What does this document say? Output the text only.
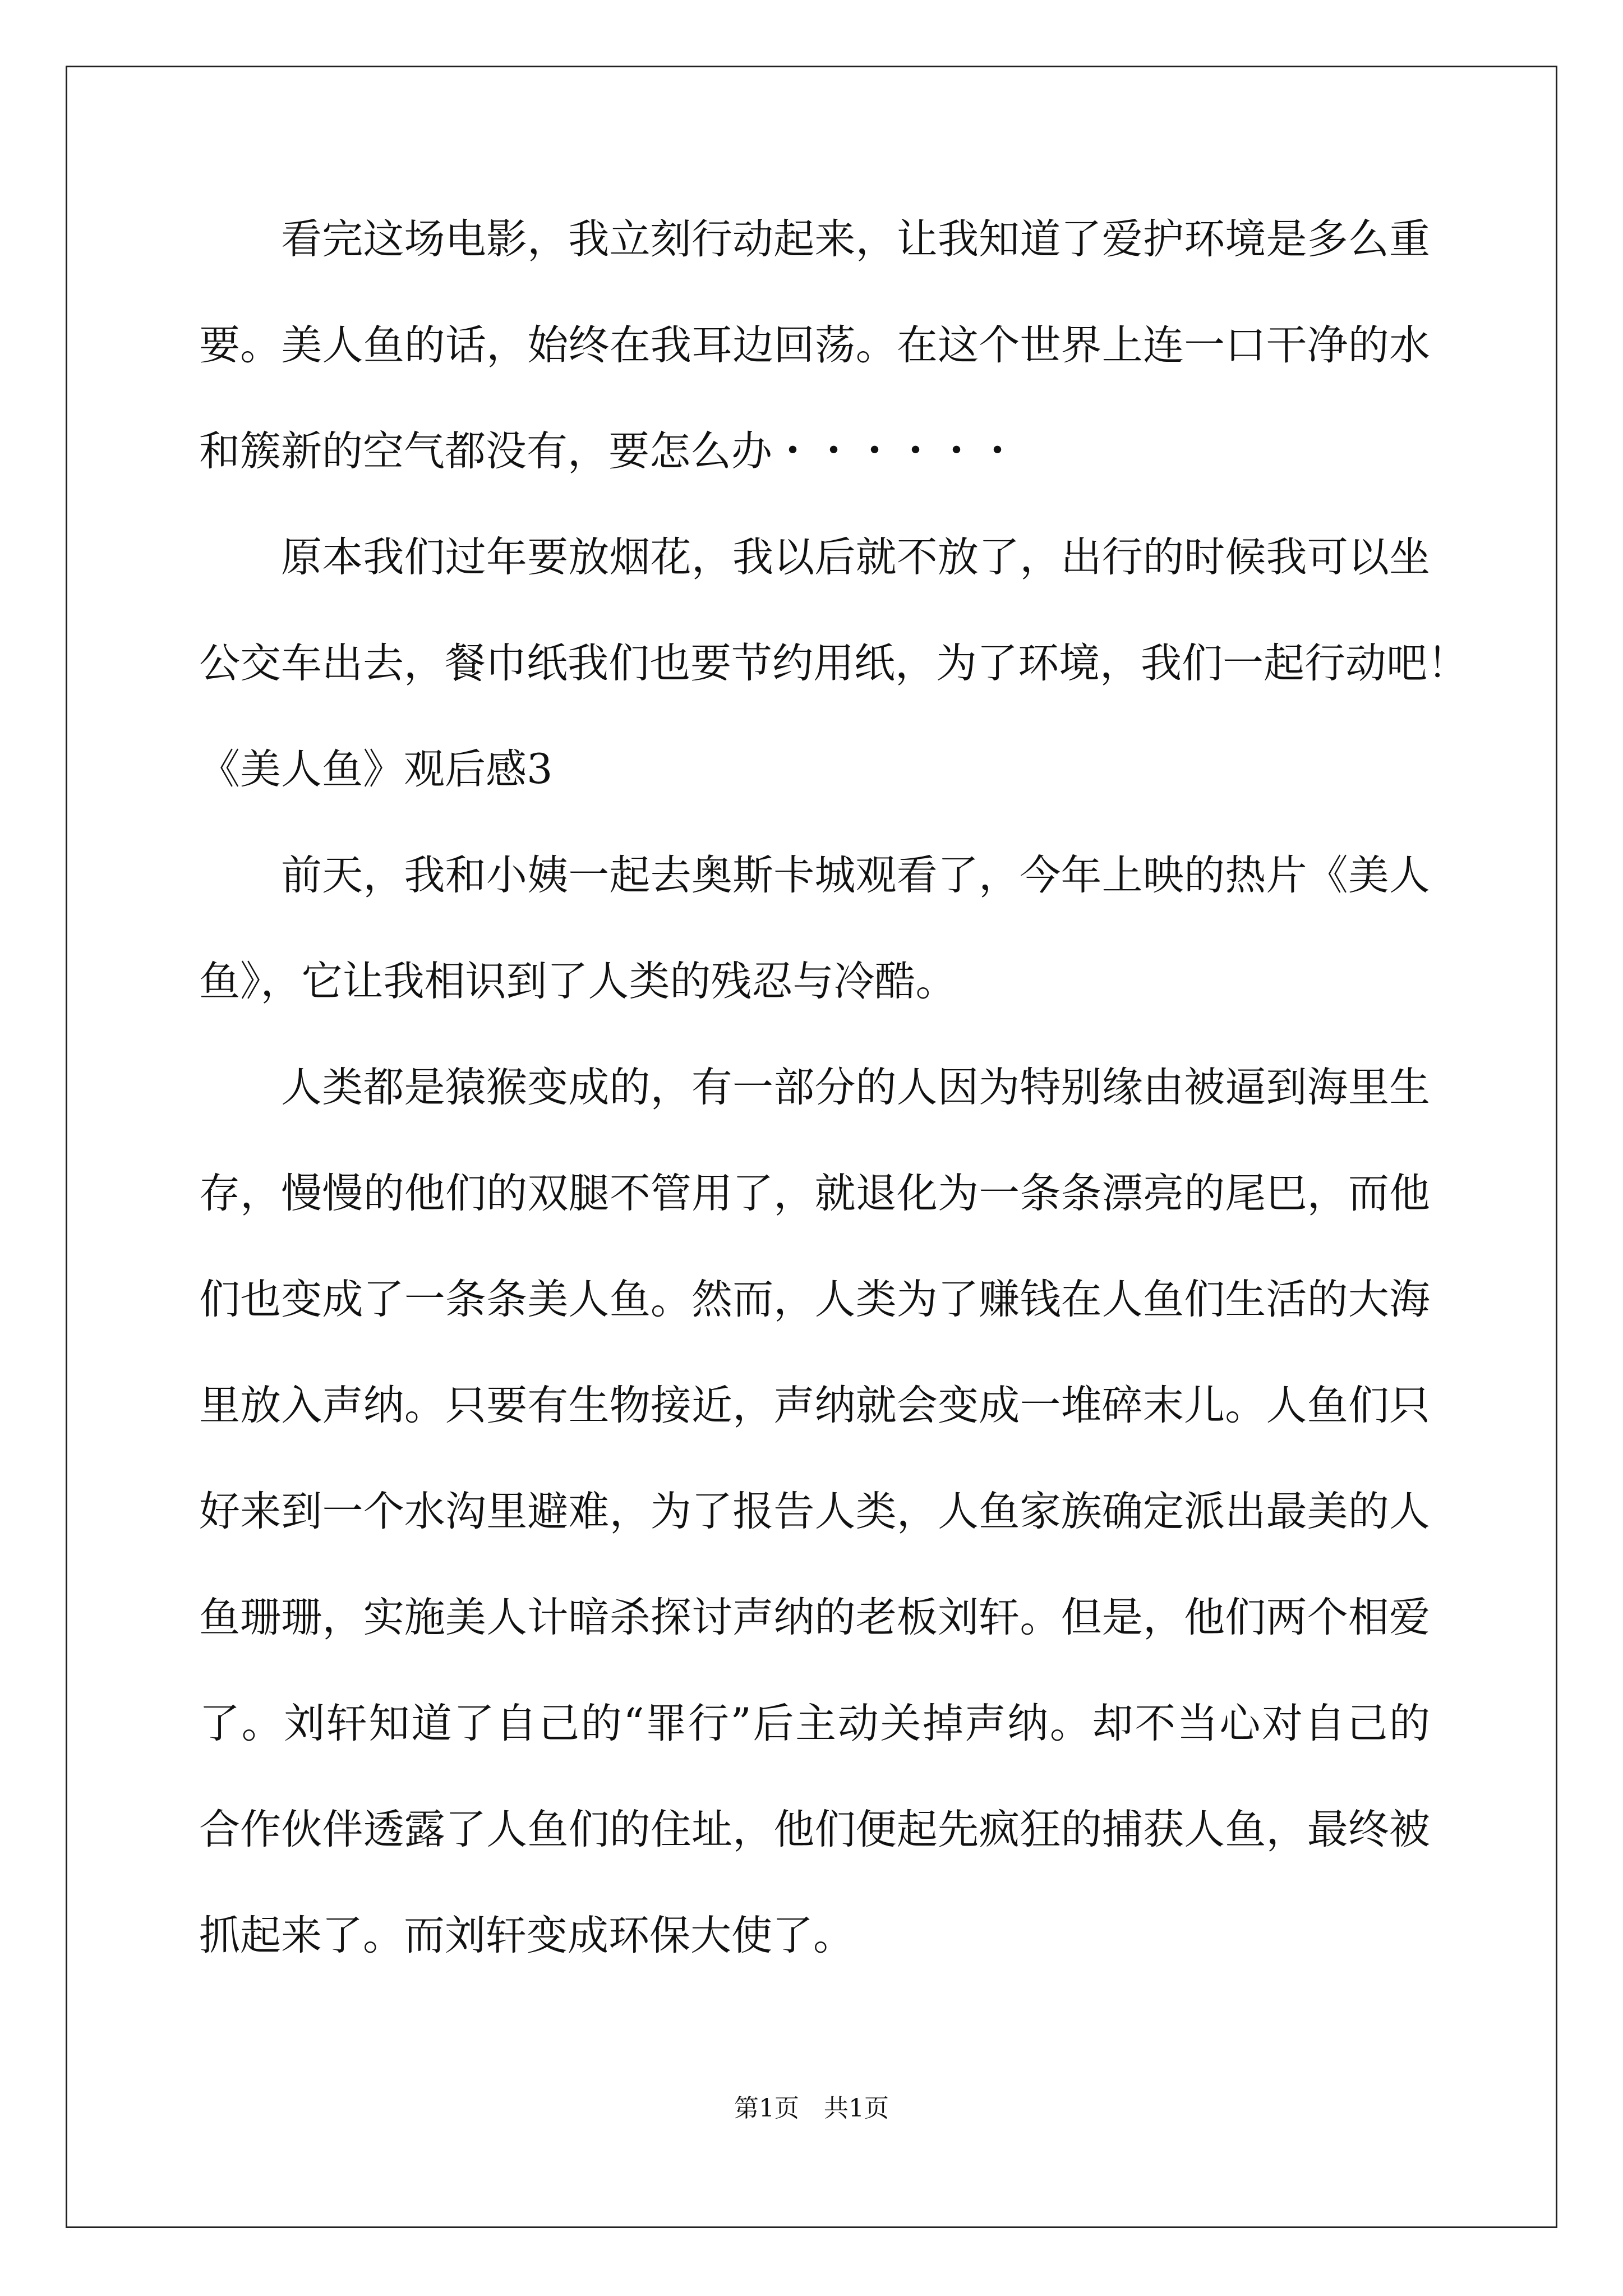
看完这场电影，我立刻行动起来，让我知道了爱护环境是多么重
要。美人鱼的话，始终在我耳边回荡。在这个世界上连一口干净的水
和簇新的空气都没有，要怎么办・・・・・・
原本我们过年要放烟花，我以后就不放了，出行的时候我可以坐
公交车出去，餐巾纸我们也要节约用纸，为了环境，我们一起行动吧！
《美人鱼》观后感3
前天，我和小姨一起去奥斯卡城观看了，今年上映的热片《美人
鱼》，它让我相识到了人类的残忍与冷酷。
人类都是猿猴变成的，有一部分的人因为特别缘由被逼到海里生
存，慢慢的他们的双腿不管用了，就退化为一条条漂亮的尾巴，而他
们也变成了一条条美人鱼。然而，人类为了赚钱在人鱼们生活的大海
里放入声纳。只要有生物接近，声纳就会变成一堆碎末儿。人鱼们只
好来到一个水沟里避难，为了报告人类，人鱼家族确定派出最美的人
鱼珊珊，实施美人计暗杀探讨声纳的老板刘轩。但是，他们两个相爱
了。刘轩知道了自己的“罪行”后主动关掉声纳。却不当心对自己的
合作伙伴透露了人鱼们的住址，他们便起先疯狂的捕获人鱼，最终被
抓起来了。而刘轩变成环保大使了。
第1页　共1页
